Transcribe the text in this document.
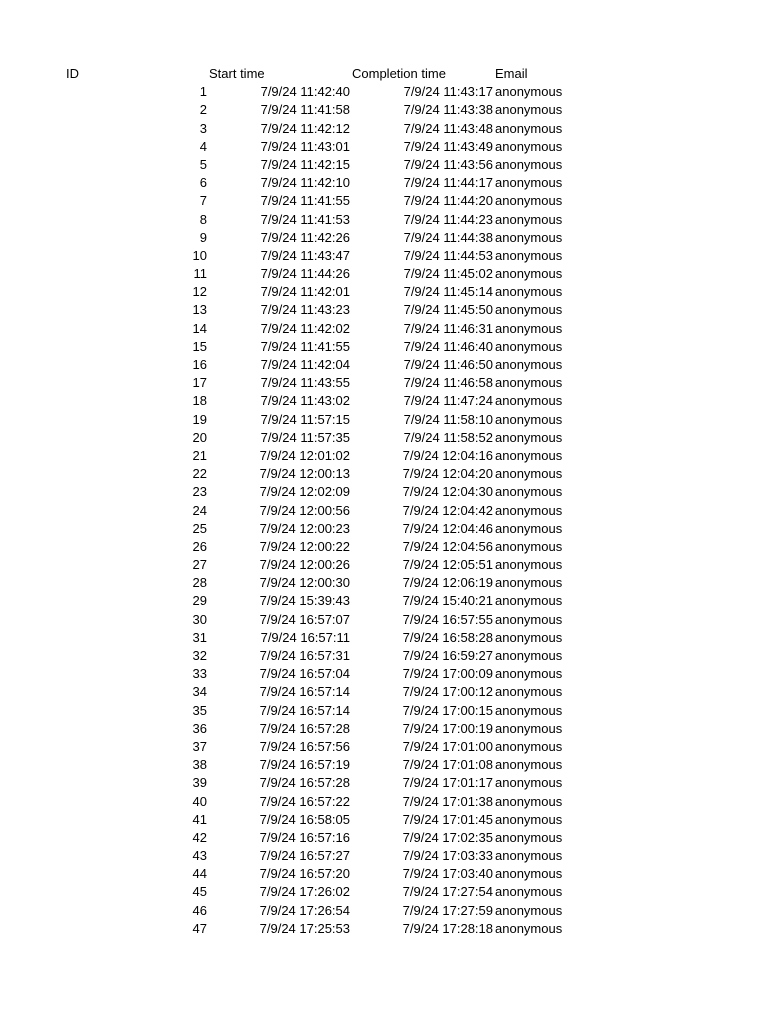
ID	Start time	Completion time	Email
1	7/9/24 11:42:40	7/9/24 11:43:17 anonymous
2	7/9/24 11:41:58	7/9/24 11:43:38 anonymous
3	7/9/24 11:42:12	7/9/24 11:43:48 anonymous
4	7/9/24 11:43:01	7/9/24 11:43:49 anonymous
5	7/9/24 11:42:15	7/9/24 11:43:56 anonymous
6	7/9/24 11:42:10	7/9/24 11:44:17 anonymous
7	7/9/24 11:41:55	7/9/24 11:44:20 anonymous
8	7/9/24 11:41:53	7/9/24 11:44:23 anonymous
9	7/9/24 11:42:26	7/9/24 11:44:38 anonymous
10	7/9/24 11:43:47	7/9/24 11:44:53 anonymous
11	7/9/24 11:44:26	7/9/24 11:45:02 anonymous
12	7/9/24 11:42:01	7/9/24 11:45:14 anonymous
13	7/9/24 11:43:23	7/9/24 11:45:50 anonymous
14	7/9/24 11:42:02	7/9/24 11:46:31 anonymous
15	7/9/24 11:41:55	7/9/24 11:46:40 anonymous
16	7/9/24 11:42:04	7/9/24 11:46:50 anonymous
17	7/9/24 11:43:55	7/9/24 11:46:58 anonymous
18	7/9/24 11:43:02	7/9/24 11:47:24 anonymous
19	7/9/24 11:57:15	7/9/24 11:58:10 anonymous
20	7/9/24 11:57:35	7/9/24 11:58:52 anonymous
21	7/9/24 12:01:02	7/9/24 12:04:16 anonymous
22	7/9/24 12:00:13	7/9/24 12:04:20 anonymous
23	7/9/24 12:02:09	7/9/24 12:04:30 anonymous
24	7/9/24 12:00:56	7/9/24 12:04:42 anonymous
25	7/9/24 12:00:23	7/9/24 12:04:46 anonymous
26	7/9/24 12:00:22	7/9/24 12:04:56 anonymous
27	7/9/24 12:00:26	7/9/24 12:05:51 anonymous
28	7/9/24 12:00:30	7/9/24 12:06:19 anonymous
29	7/9/24 15:39:43	7/9/24 15:40:21 anonymous
30	7/9/24 16:57:07	7/9/24 16:57:55 anonymous
31	7/9/24 16:57:11	7/9/24 16:58:28 anonymous
32	7/9/24 16:57:31	7/9/24 16:59:27 anonymous
33	7/9/24 16:57:04	7/9/24 17:00:09 anonymous
34	7/9/24 16:57:14	7/9/24 17:00:12 anonymous
35	7/9/24 16:57:14	7/9/24 17:00:15 anonymous
36	7/9/24 16:57:28	7/9/24 17:00:19 anonymous
37	7/9/24 16:57:56	7/9/24 17:01:00 anonymous
38	7/9/24 16:57:19	7/9/24 17:01:08 anonymous
39	7/9/24 16:57:28	7/9/24 17:01:17 anonymous
40	7/9/24 16:57:22	7/9/24 17:01:38 anonymous
41	7/9/24 16:58:05	7/9/24 17:01:45 anonymous
42	7/9/24 16:57:16	7/9/24 17:02:35 anonymous
43	7/9/24 16:57:27	7/9/24 17:03:33 anonymous
44	7/9/24 16:57:20	7/9/24 17:03:40 anonymous
45	7/9/24 17:26:02	7/9/24 17:27:54 anonymous
46	7/9/24 17:26:54	7/9/24 17:27:59 anonymous
47	7/9/24 17:25:53	7/9/24 17:28:18 anonymous
